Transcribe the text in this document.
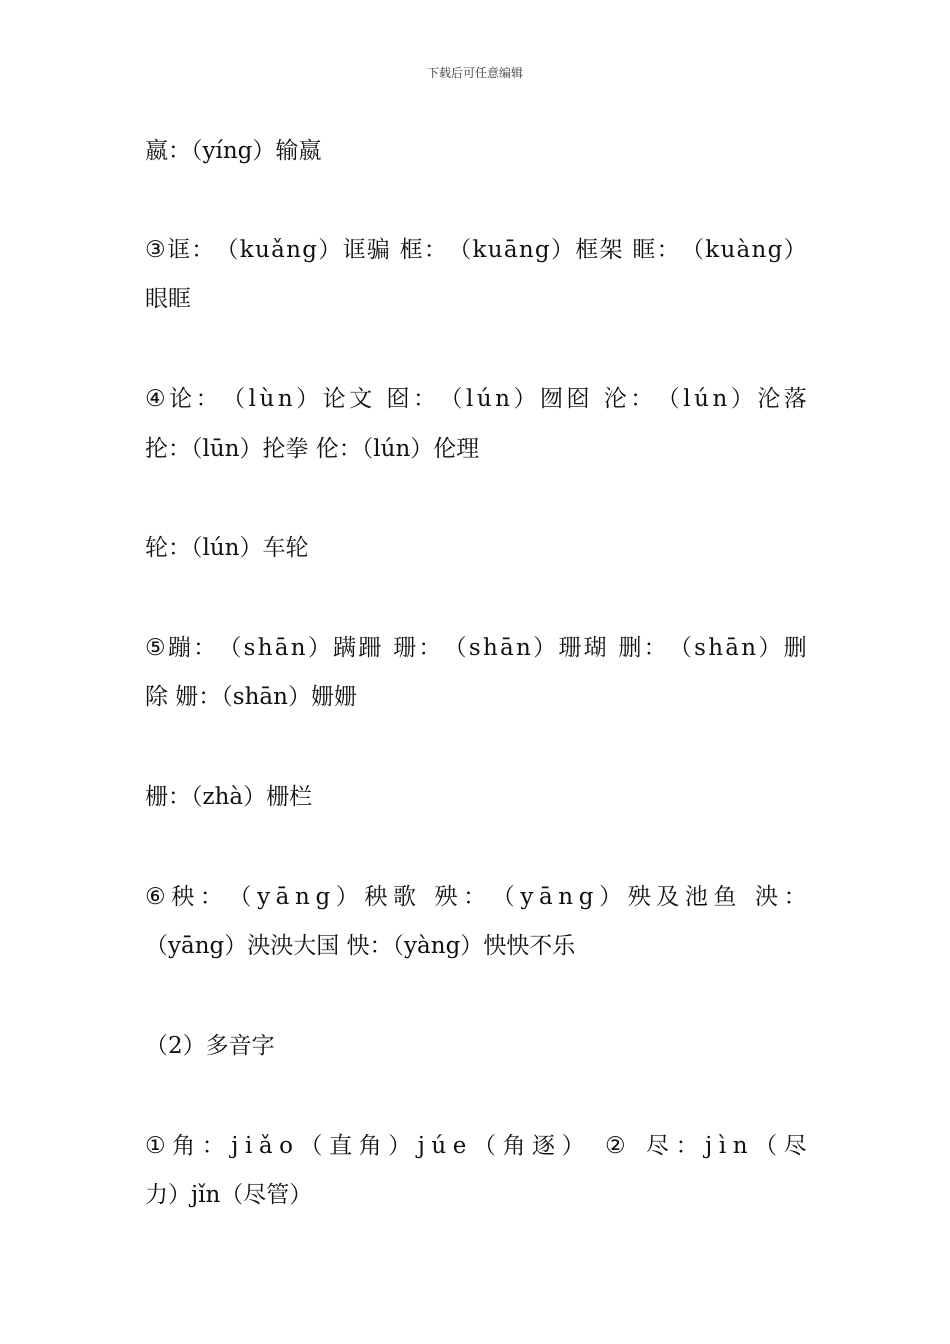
下载后可任意编辑
嬴：（yíng）输嬴
③ 诓 ： （ k u ǎ n g ） 诓 骗
框 ： （ k u ā n g ） 框 架
眶 ： （ k u à n g ）
眼眶
④ 论 ： （ l ù n ） 论 文
囵 ： （ l ú n ） 囫 囵
沦 ： （ l ú n ） 沦 落
抡：（lūn）抡拳 伦：（lún）伦理
轮：（lún）车轮
⑤ 蹦 ： （ s h ā n ） 蹒 跚
珊 ： （ s h ā n ） 珊 瑚
删 ： （ s h ā n ） 删
除 姗：（shān）姗姗
栅：（zhà）栅栏
⑥ 秧 ： （ y ā n g ） 秧 歌
殃 ： （ y ā n g ） 殃 及 池 鱼
泱 ：
（yāng）泱泱大国 怏：（yàng）怏怏不乐
（2）多音字
① 角 ： j i ǎ o （ 直 角 ） j ú e （ 角 逐 ）
②
尽 ： j ì n （ 尽
力）jǐn（尽管）
